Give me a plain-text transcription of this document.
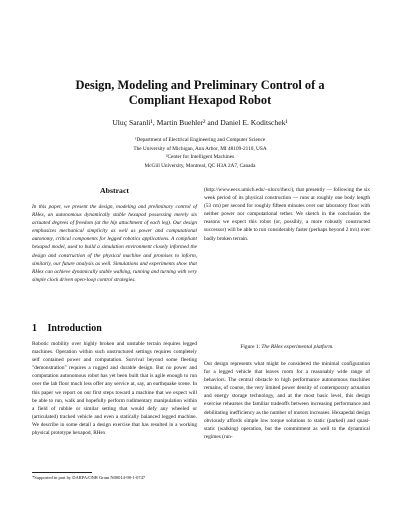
Design, Modeling and Preliminary Control of a
Compliant Hexapod Robot
Uluç Saranli¹, Martin Buehler² and Daniel E. Koditschek¹
¹Department of Electrical Engineering and Computer Science
The University of Michigan, Ann Arbor, MI 48109-2110, USA
²Center for Intelligent Machines
McGill University, Montreal, QC H3A 2A7, Canada
Abstract

In this paper, we present the design, modeling and preliminary control of RHex, an autonomous dynamically stable hexapod possessing merely six actuated degrees of freedom (at the hip attachment of each leg). Our design emphasizes mechanical simplicity as well as power and computational autonomy, critical components for legged robotics applications. A compliant hexapod model, used to build a simulation environment closely informed the design and construction of the physical machine and promises to inform, similarly, our future analysis as well. Simulations and experiments show that RHex can achieve dynamically stable walking, running and turning with very simple clock driven open-loop control strategies.

1 Introduction

Robotic mobility over highly broken and unstable terrain requires legged machines. Operation within such unstructured settings requires completely self contained power and computation. Survival beyond some fleeting "demonstration" requires a rugged and durable design. But no power and computation autonomous robot has yet been built that is agile enough to run over the lab floor much less offer any service at, say, an earthquake scene. In this paper we report on our first steps toward a machine that we expect will be able to run, walk and hopefully perform rudimentary manipulation within a field of rubble or similar setting that would defy any wheeled or (articulated) tracked vehicle and even a statically balanced legged machine. We describe in some detail a design exercise that has resulted in a working physical prototype hexapod, RHex

*Supported in part by DARPA/ONR Grant N00014-98-1-0747

(http://www.eecs.umich.edu/~ulucs/rhex/), that presently — following the six week period of its physical construction — runs at roughly one body length (53 cm) per second for roughly fifteen minutes over our laboratory floor with neither power nor computational tether. We sketch in the conclusion the reasons we expect this robot (or, possibly, a more robustly constructed successor) will be able to run considerably faster (perhaps beyond 2 m/s) over badly broken terrain.

Figure 1: The RHex experimental platform.

Our design represents what might be considered the minimal configuration for a legged vehicle that leaves room for a reasonably wide range of behaviors. The central obstacle to high performance autonomous machines remains, of course, the very limited power density of contemporary actuation and energy storage technology, and at the most basic level, this design exercise rehearses the familiar tradeoffs between increasing performance and debilitating inefficiency as the number of motors increases. Hexapedal design obviously affords simple low torque solutions to static (parked) and quasi-static (walking) operation, but the commitment as well to the dynamical regimes (run-
